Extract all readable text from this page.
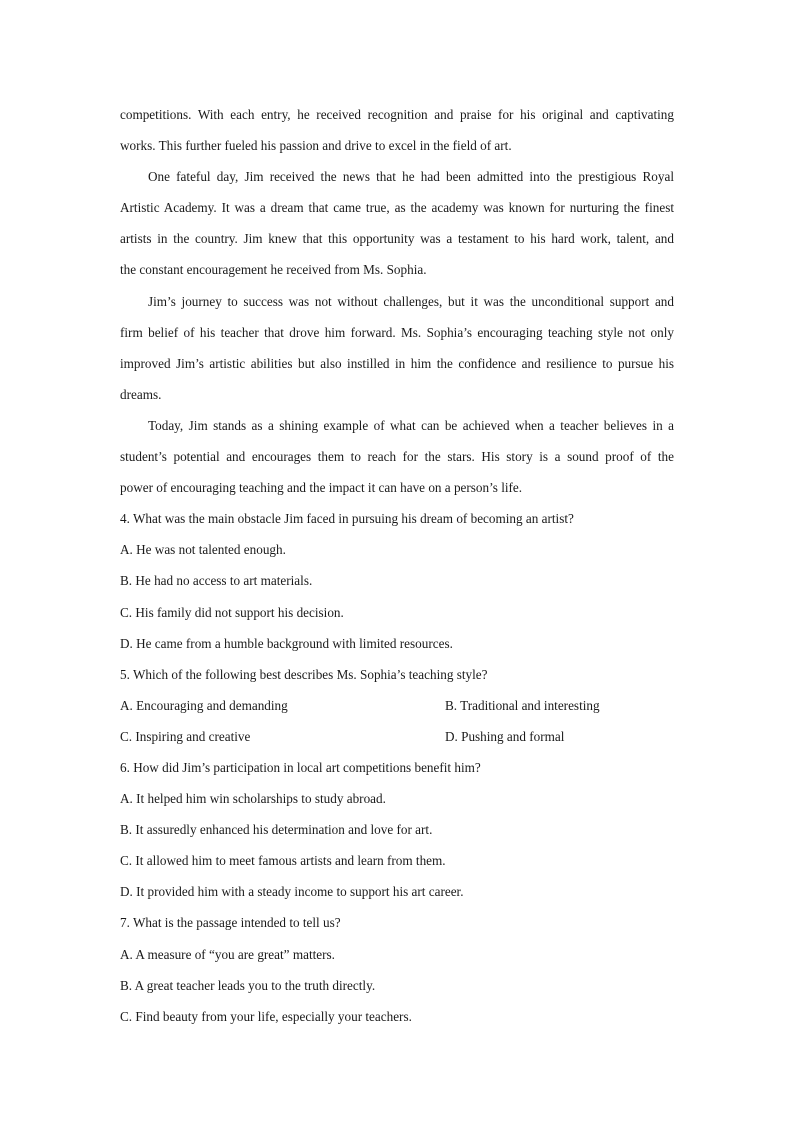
competitions. With each entry, he received recognition and praise for his original and captivating
works. This further fueled his passion and drive to excel in the field of art.
One fateful day, Jim received the news that he had been admitted into the prestigious Royal
Artistic Academy. It was a dream that came true, as the academy was known for nurturing the finest
artists in the country. Jim knew that this opportunity was a testament to his hard work, talent, and
the constant encouragement he received from Ms. Sophia.
Jim’s journey to success was not without challenges, but it was the unconditional support and
firm belief of his teacher that drove him forward. Ms. Sophia’s encouraging teaching style not only
improved Jim’s artistic abilities but also instilled in him the confidence and resilience to pursue his
dreams.
Today, Jim stands as a shining example of what can be achieved when a teacher believes in a
student’s potential and encourages them to reach for the stars. His story is a sound proof of the
power of encouraging teaching and the impact it can have on a person’s life.
4. What was the main obstacle Jim faced in pursuing his dream of becoming an artist?
A. He was not talented enough.
B. He had no access to art materials.
C. His family did not support his decision.
D. He came from a humble background with limited resources.
5. Which of the following best describes Ms. Sophia’s teaching style?
A. Encouraging and demanding	B. Traditional and interesting
C. Inspiring and creative	D. Pushing and formal
6. How did Jim’s participation in local art competitions benefit him?
A. It helped him win scholarships to study abroad.
B. It assuredly enhanced his determination and love for art.
C. It allowed him to meet famous artists and learn from them.
D. It provided him with a steady income to support his art career.
7. What is the passage intended to tell us?
A. A measure of “you are great” matters.
B. A great teacher leads you to the truth directly.
C. Find beauty from your life, especially your teachers.
